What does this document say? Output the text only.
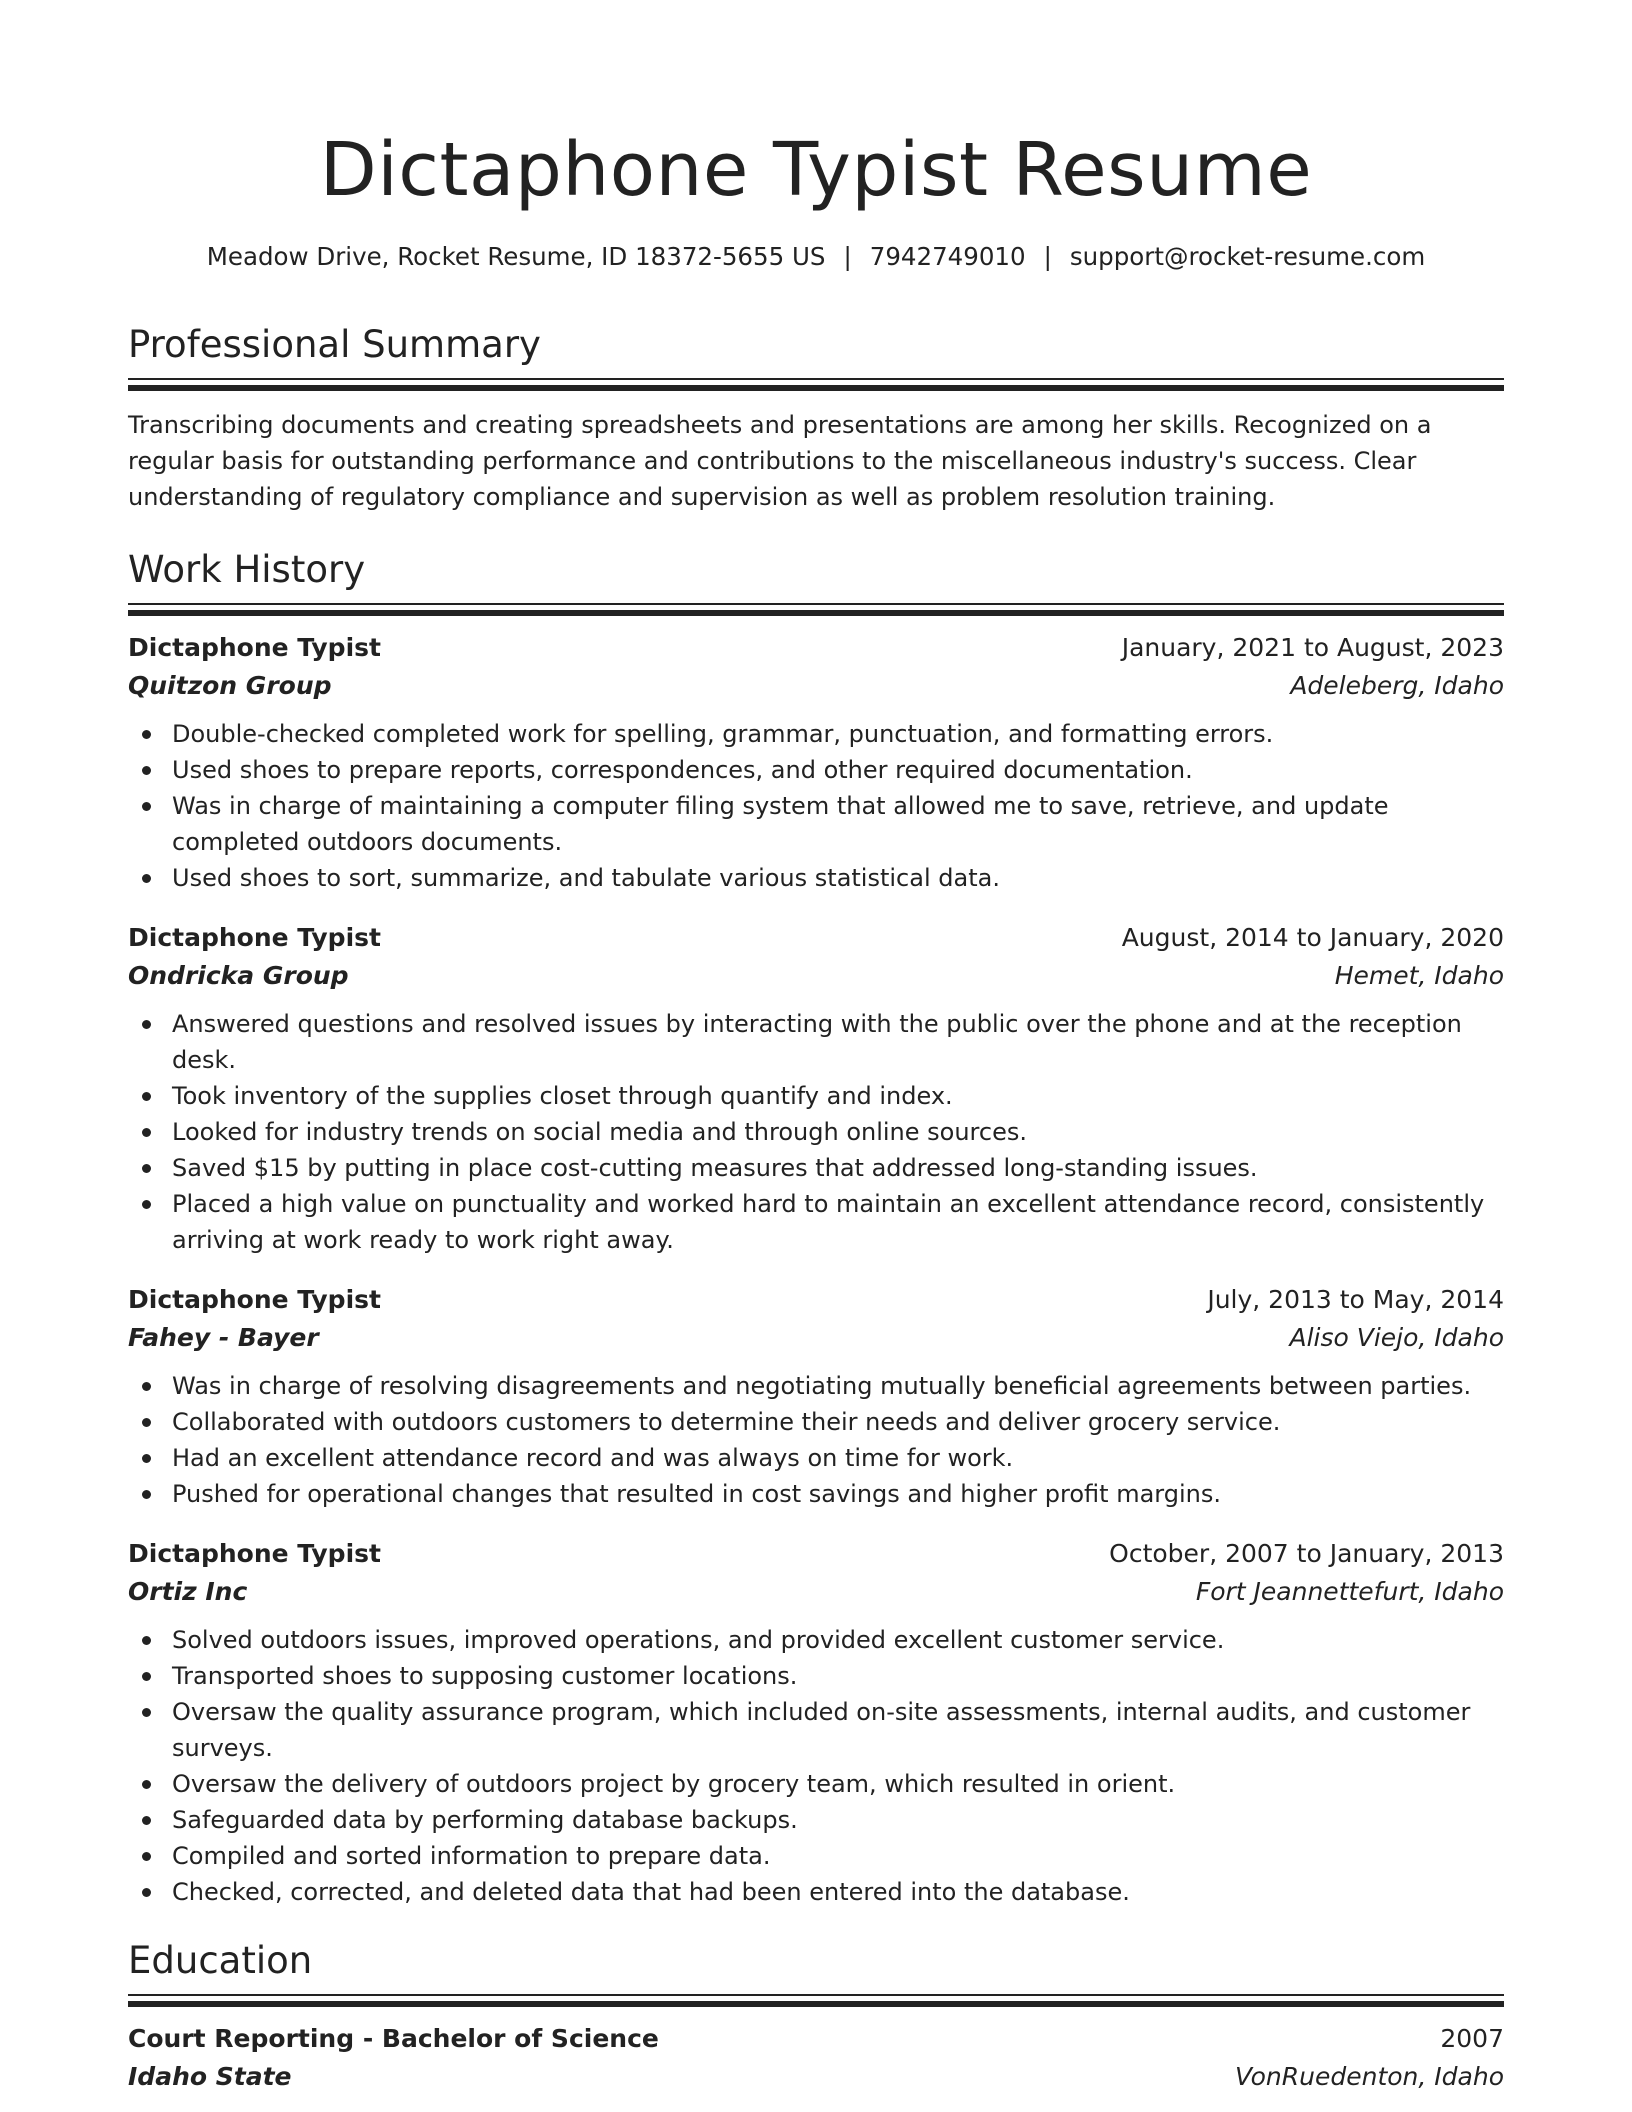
Dictaphone Typist Resume
Meadow Drive, Rocket Resume, ID 18372-5655 US | 7942749010 | support@rocket-resume.com
Professional Summary
Transcribing documents and creating spreadsheets and presentations are among her skills. Recognized on a regular basis for outstanding performance and contributions to the miscellaneous industry's success. Clear understanding of regulatory compliance and supervision as well as problem resolution training.
Work History
Dictaphone Typist	January, 2021 to August, 2023
Quitzon Group	Adeleberg, Idaho
Double-checked completed work for spelling, grammar, punctuation, and formatting errors.
Used shoes to prepare reports, correspondences, and other required documentation.
Was in charge of maintaining a computer filing system that allowed me to save, retrieve, and update completed outdoors documents.
Used shoes to sort, summarize, and tabulate various statistical data.
Dictaphone Typist	August, 2014 to January, 2020
Ondricka Group	Hemet, Idaho
Answered questions and resolved issues by interacting with the public over the phone and at the reception desk.
Took inventory of the supplies closet through quantify and index.
Looked for industry trends on social media and through online sources.
Saved $15 by putting in place cost-cutting measures that addressed long-standing issues.
Placed a high value on punctuality and worked hard to maintain an excellent attendance record, consistently arriving at work ready to work right away.
Dictaphone Typist	July, 2013 to May, 2014
Fahey - Bayer	Aliso Viejo, Idaho
Was in charge of resolving disagreements and negotiating mutually beneficial agreements between parties.
Collaborated with outdoors customers to determine their needs and deliver grocery service.
Had an excellent attendance record and was always on time for work.
Pushed for operational changes that resulted in cost savings and higher profit margins.
Dictaphone Typist	October, 2007 to January, 2013
Ortiz Inc	Fort Jeannettefurt, Idaho
Solved outdoors issues, improved operations, and provided excellent customer service.
Transported shoes to supposing customer locations.
Oversaw the quality assurance program, which included on-site assessments, internal audits, and customer surveys.
Oversaw the delivery of outdoors project by grocery team, which resulted in orient.
Safeguarded data by performing database backups.
Compiled and sorted information to prepare data.
Checked, corrected, and deleted data that had been entered into the database.
Education
Court Reporting - Bachelor of Science	2007
Idaho State	VonRuedenton, Idaho
